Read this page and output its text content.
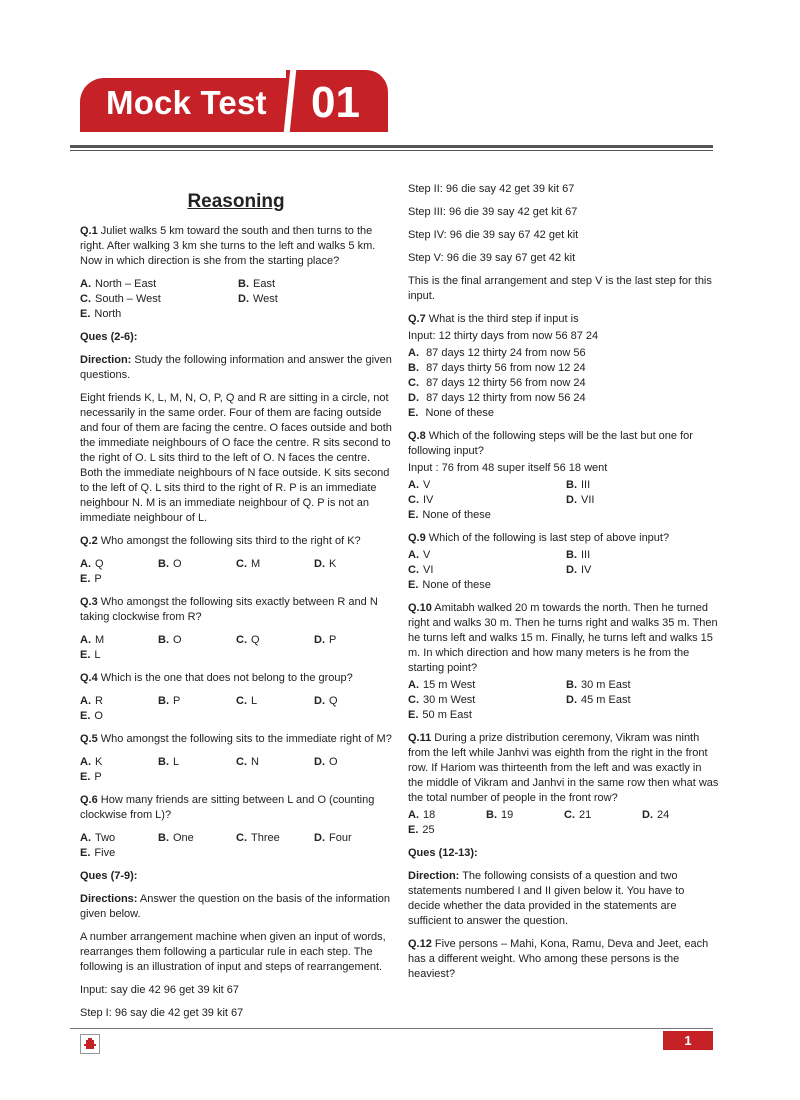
Mock Test 01
Reasoning

Q.1 Juliet walks 5 km toward the south and then turns to the right. After walking 3 km she turns to the left and walks 5 km. Now in which direction is she from the starting place?

A. North – East	B. East
C. South – West	D. West
E. North

Ques (2-6):

Direction: Study the following information and answer the given questions.

Eight friends K, L, M, N, O, P, Q and R are sitting in a circle, not necessarily in the same order. Four of them are facing outside and four of them are facing the centre. O faces outside and both the immediate neighbours of O face the centre. R sits second to the right of O. L sits third to the left of O. N faces the centre. Both the immediate neighbours of N face outside. K sits second to the left of Q. L sits third to the right of R. P is an immediate neighbour N. M is an immediate neighbour of Q. P is not an immediate neighbour of L.

Q.2 Who amongst the following sits third to the right of K?

A. Q	B. O	C. M	D. K
E. P

Q.3 Who amongst the following sits exactly between R and N taking clockwise from R?

A. M	B. O	C. Q	D. P
E. L

Q.4 Which is the one that does not belong to the group?

A. R	B. P	C. L	D. Q
E. O

Q.5 Who amongst the following sits to the immediate right of M?

A. K	B. L	C. N	D. O
E. P

Q.6 How many friends are sitting between L and O (counting clockwise from L)?

A. Two	B. One	C. Three	D. Four
E. Five

Ques (7-9):

Directions: Answer the question on the basis of the information given below.

A number arrangement machine when given an input of words, rearranges them following a particular rule in each step. The following is an illustration of input and steps of rearrangement.

Input: say die 42 96 get 39 kit 67

Step I: 96 say die 42 get 39 kit 67

Step II: 96 die say 42 get 39 kit 67

Step III: 96 die 39 say 42 get kit 67

Step IV: 96 die 39 say 67 42 get kit

Step V: 96 die 39 say 67 get 42 kit

This is the final arrangement and step V is the last step for this input.

Q.7 What is the third step if input is

Input: 12 thirty days from now 56 87 24

A. 87 days 12 thirty 24 from now 56
B. 87 days thirty 56 from now 12 24
C. 87 days 12 thirty 56 from now 24
D. 87 days 12 thirty from now 56 24
E. None of these

Q.8 Which of the following steps will be the last but one for following input?

Input : 76 from 48 super itself 56 18 went

A. V	B. III
C. IV	D. VII
E. None of these

Q.9 Which of the following is last step of above input?

A. V	B. III
C. VI	D. IV
E. None of these

Q.10 Amitabh walked 20 m towards the north. Then he turned right and walks 30 m. Then he turns right and walks 35 m. Then he turns left and walks 15 m. Finally, he turns left and walks 15 m. In which direction and how many meters is he from the starting point?

A. 15 m West	B. 30 m East
C. 30 m West	D. 45 m East
E. 50 m East

Q.11 During a prize distribution ceremony, Vikram was ninth from the left while Janhvi was eighth from the right in the front row. If Hariom was thirteenth from the left and was exactly in the middle of Vikram and Janhvi in the same row then what was the total number of people in the front row?

A. 18	B. 19	C. 21	D. 24
E. 25

Ques (12-13):

Direction: The following consists of a question and two statements numbered I and II given below it. You have to decide whether the data provided in the statements are sufficient to answer the question.

Q.12 Five persons – Mahi, Kona, Ramu, Deva and Jeet, each has a different weight. Who among these persons is the heaviest?

1
